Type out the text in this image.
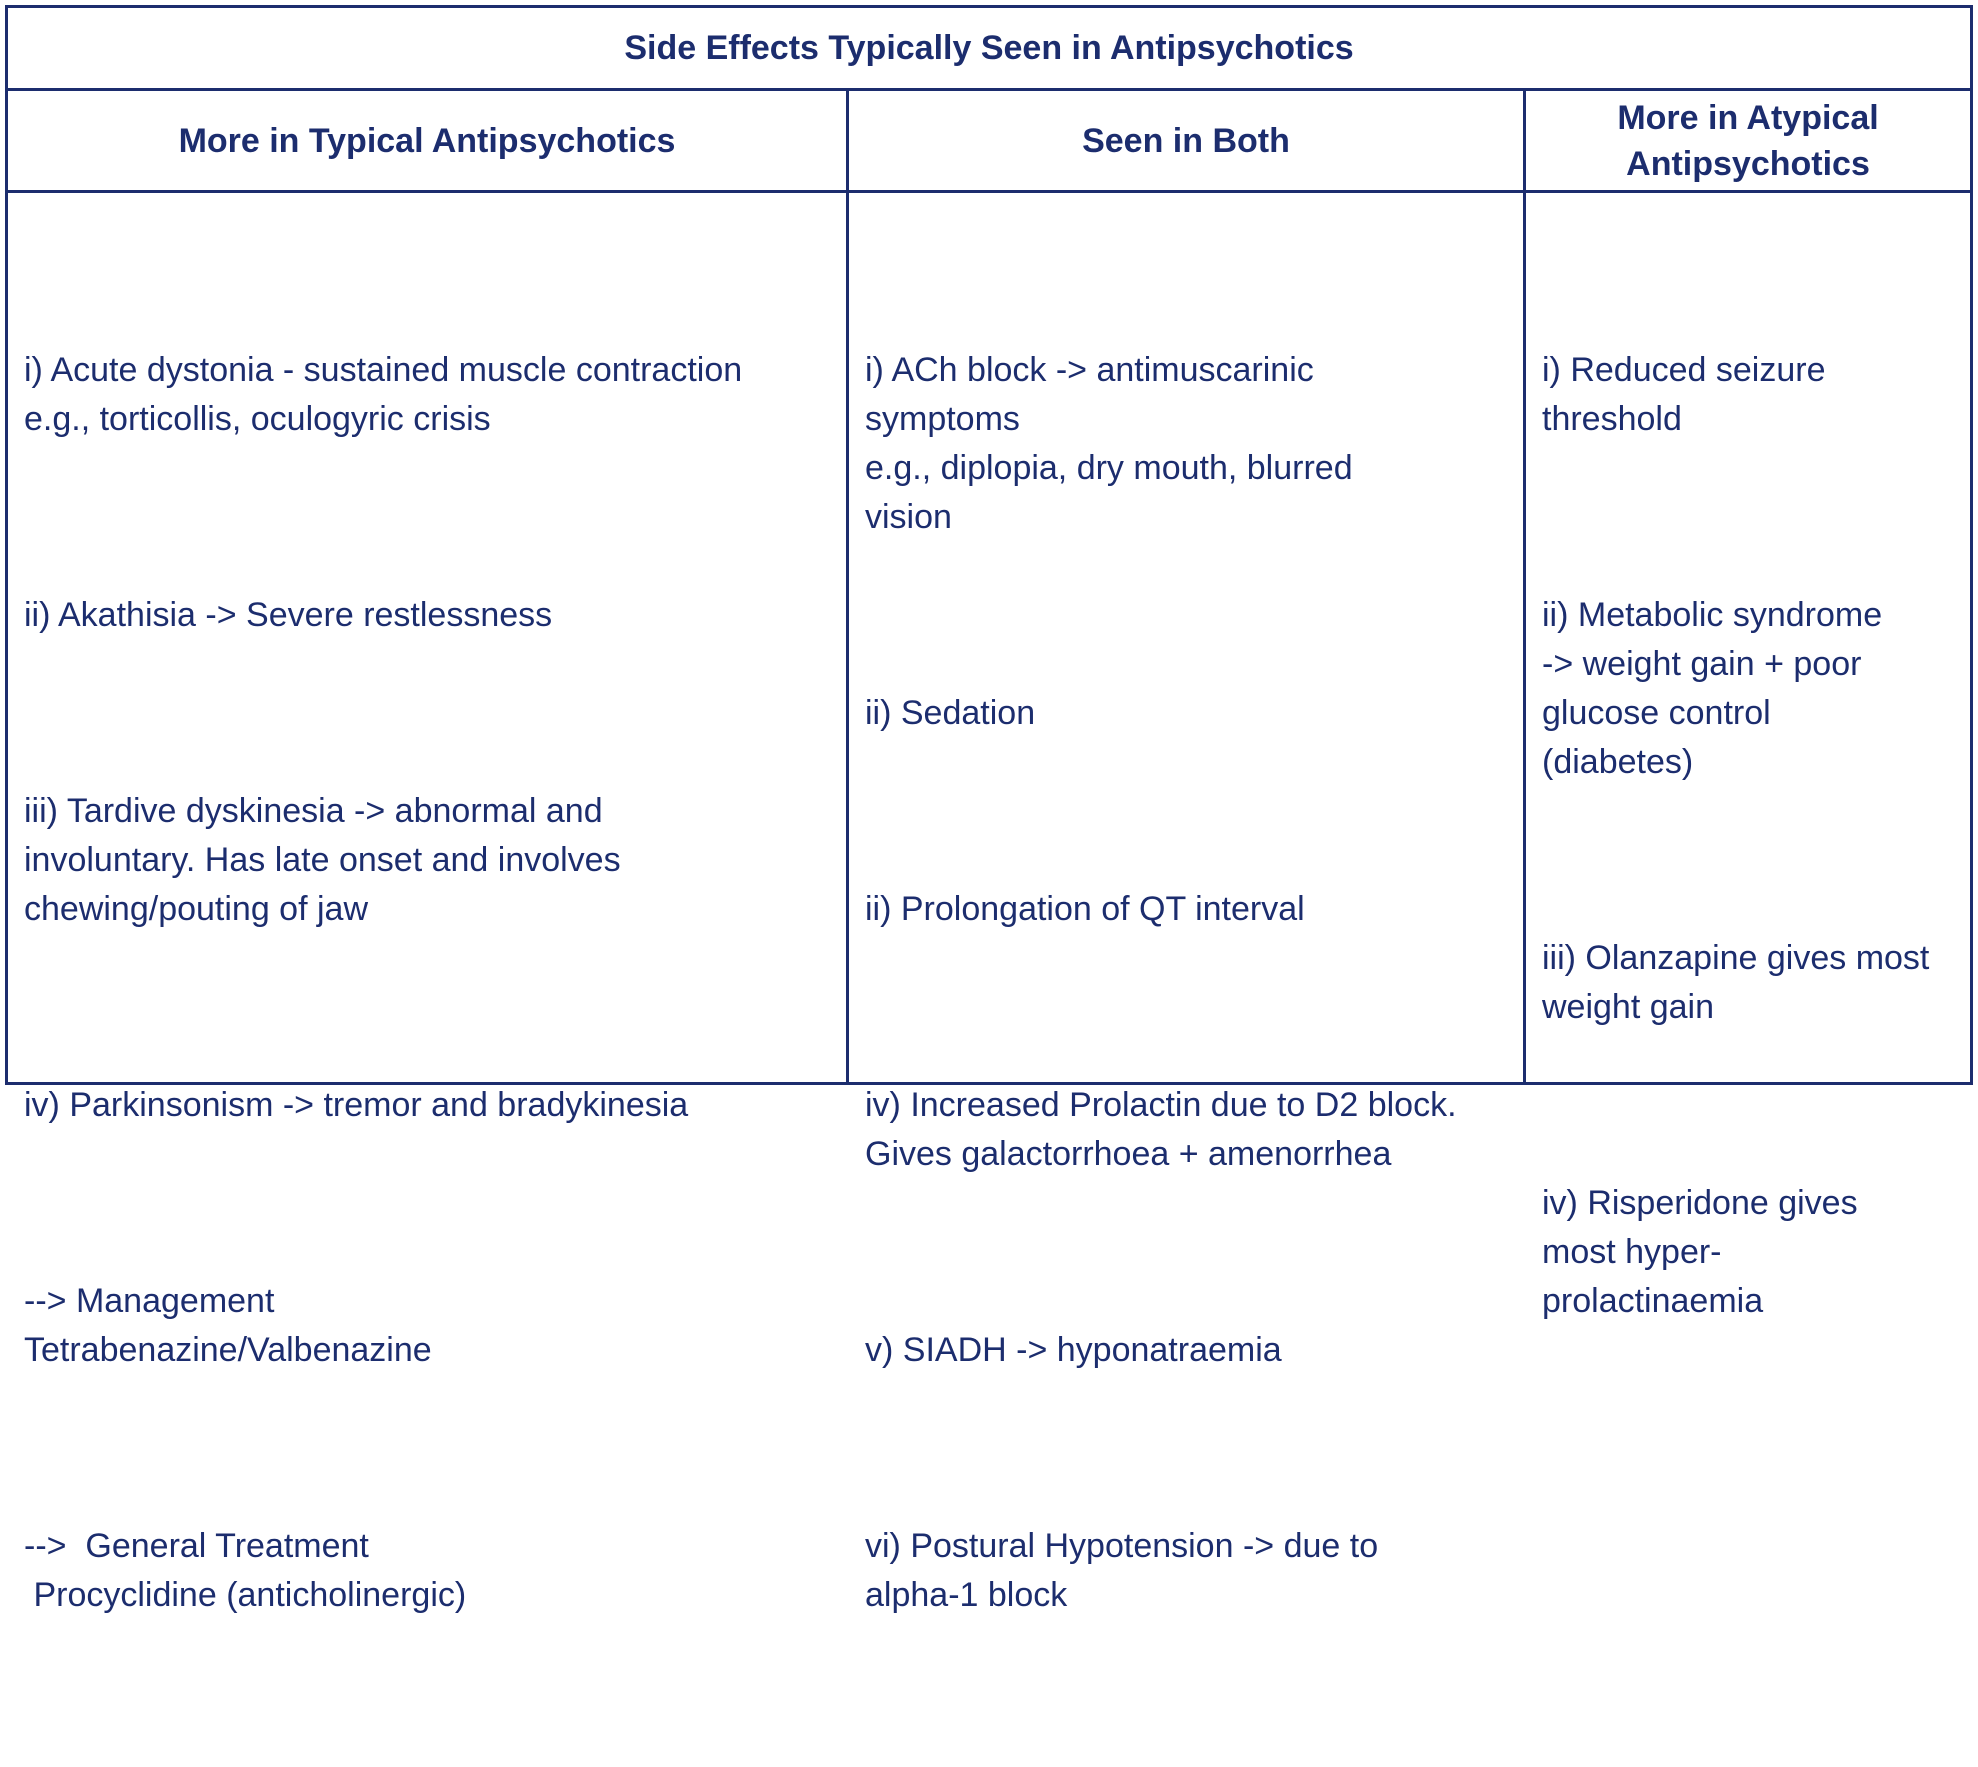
Side Effects Typically Seen in Antipsychotics
More in Typical Antipsychotics	Seen in Both
More in Atypical
Antipsychotics

i) Acute dystonia - sustained muscle contraction
e.g., torticollis, oculogyric crisis

ii) Akathisia -> Severe restlessness

iii) Tardive dyskinesia -> abnormal and
involuntary. Has late onset and involves
chewing/pouting of jaw

iv) Parkinsonism -> tremor and bradykinesia

--> Management
Tetrabenazine/Valbenazine

-->  General Treatment
Procyclidine (anticholinergic)

i) ACh block -> antimuscarinic
symptoms
e.g., diplopia, dry mouth, blurred
vision

ii) Sedation

ii) Prolongation of QT interval

iv) Increased Prolactin due to D2 block.
Gives galactorrhoea + amenorrhea

v) SIADH -> hyponatraemia

vi) Postural Hypotension -> due to
alpha-1 block

i) Reduced seizure
threshold

ii) Metabolic syndrome
-> weight gain + poor
glucose control
(diabetes)

iii) Olanzapine gives most
weight gain

iv) Risperidone gives
most hyper-
prolactinaemia
